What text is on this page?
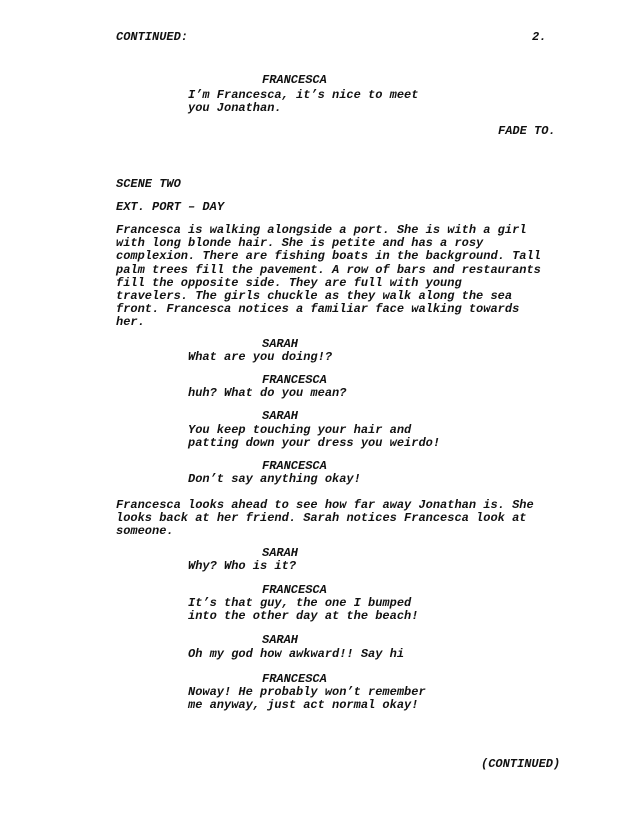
CONTINUED:	2.
FRANCESCA
I’m Francesca, it’s nice to meet
you Jonathan.
FADE TO.
SCENE TWO
EXT. PORT – DAY
Francesca is walking alongside a port. She is with a girl
with long blonde hair. She is petite and has a rosy
complexion. There are fishing boats in the background. Tall
palm trees fill the pavement. A row of bars and restaurants
fill the opposite side. They are full with young
travelers. The girls chuckle as they walk along the sea
front. Francesca notices a familiar face walking towards
her.
SARAH
What are you doing!?
FRANCESCA
huh? What do you mean?
SARAH
You keep touching your hair and
patting down your dress you weirdo!
FRANCESCA
Don’t say anything okay!
Francesca looks ahead to see how far away Jonathan is. She
looks back at her friend. Sarah notices Francesca look at
someone.
SARAH
Why? Who is it?
FRANCESCA
It’s that guy, the one I bumped
into the other day at the beach!
SARAH
Oh my god how awkward!! Say hi
FRANCESCA
Noway! He probably won’t remember
me anyway, just act normal okay!
(CONTINUED)
